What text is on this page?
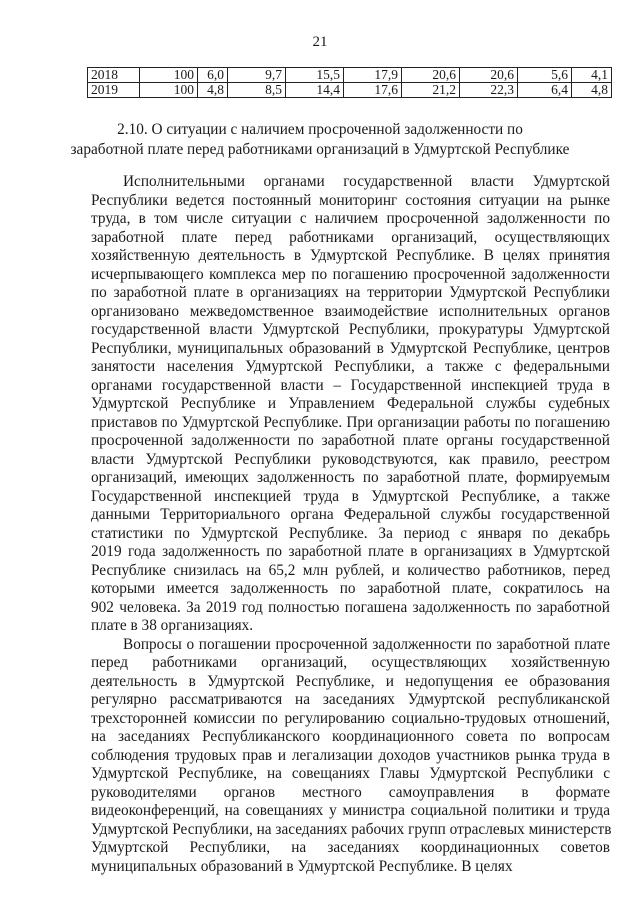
21
2018	100	6,0	9,7	15,5	17,9	20,6	20,6	5,6	4,1
2019	100	4,8	8,5	14,4	17,6	21,2	22,3	6,4	4,8
2.10. О ситуации с наличием просроченной задолженности по
заработной плате перед работниками организаций в Удмуртской Республике
Исполнительными органами государственной власти Удмуртской
Республики ведется постоянный мониторинг состояния ситуации на рынке
труда, в том числе ситуации с наличием просроченной задолженности по
заработной плате перед работниками организаций, осуществляющих
хозяйственную деятельность в Удмуртской Республике. В целях принятия
исчерпывающего комплекса мер по погашению просроченной задолженности
по заработной плате в организациях на территории Удмуртской Республики
организовано межведомственное взаимодействие исполнительных органов
государственной власти Удмуртской Республики, прокуратуры Удмуртской
Республики, муниципальных образований в Удмуртской Республике, центров
занятости населения Удмуртской Республики, а также с федеральными
органами государственной власти – Государственной инспекцией труда в
Удмуртской Республике и Управлением Федеральной службы судебных
приставов по Удмуртской Республике. При организации работы по погашению
просроченной задолженности по заработной плате органы государственной
власти Удмуртской Республики руководствуются, как правило, реестром
организаций, имеющих задолженность по заработной плате, формируемым
Государственной инспекцией труда в Удмуртской Республике, а также
данными Территориального органа Федеральной службы государственной
статистики по Удмуртской Республике. За период с января по декабрь
2019 года задолженность по заработной плате в организациях в Удмуртской
Республике снизилась на 65,2 млн рублей, и количество работников, перед
которыми имеется задолженность по заработной плате, сократилось на
902 человека. За 2019 год полностью погашена задолженность по заработной
плате в 38 организациях.
Вопросы о погашении просроченной задолженности по заработной плате
перед работниками организаций, осуществляющих хозяйственную
деятельность в Удмуртской Республике, и недопущения ее образования
регулярно рассматриваются на заседаниях Удмуртской республиканской
трехсторонней комиссии по регулированию социально-трудовых отношений,
на заседаниях Республиканского координационного совета по вопросам
соблюдения трудовых прав и легализации доходов участников рынка труда в
Удмуртской Республике, на совещаниях Главы Удмуртской Республики с
руководителями органов местного самоуправления в формате
видеоконференций, на совещаниях у министра социальной политики и труда
Удмуртской Республики, на заседаниях рабочих групп отраслевых министерств
Удмуртской Республики, на заседаниях координационных советов
муниципальных образований в Удмуртской Республике. В целях
